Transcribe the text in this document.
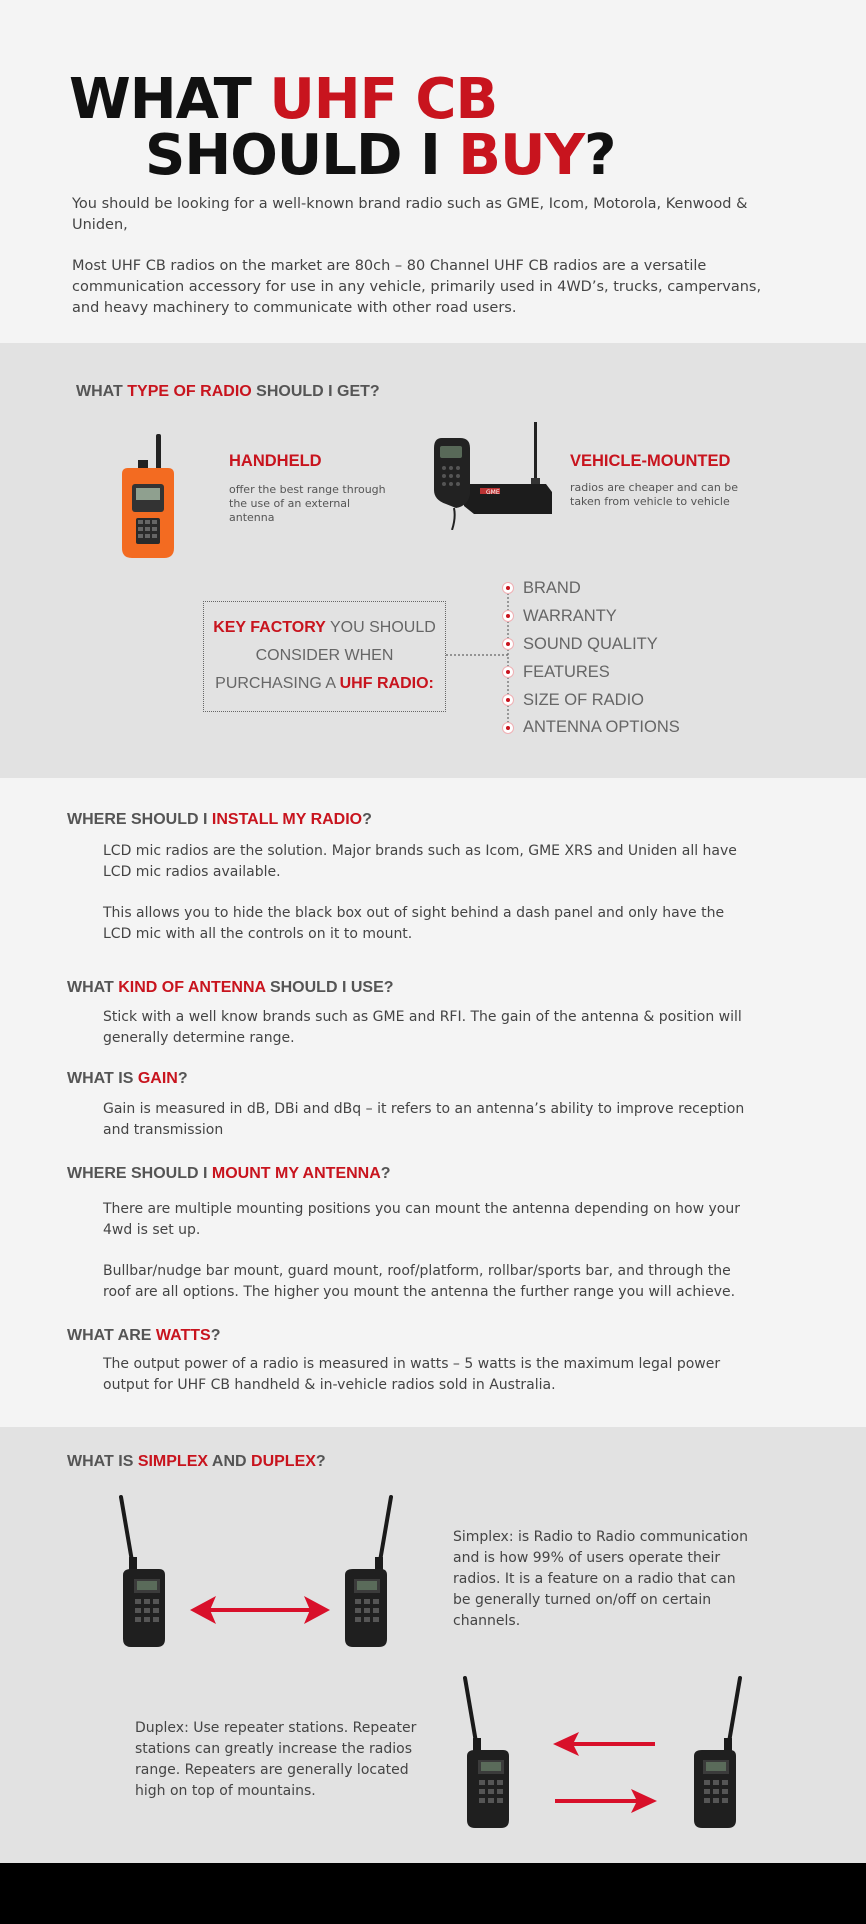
WHAT UHF CB
SHOULD I BUY?

You should be looking for a well-known brand radio such as GME, Icom, Motorola, Kenwood & Uniden,

Most UHF CB radios on the market are 80ch – 80 Channel UHF CB radios are a versatile communication accessory for use in any vehicle, primarily used in 4WD’s, trucks, campervans, and heavy machinery to communicate with other road users.

WHAT TYPE OF RADIO SHOULD I GET?
HANDHELD
offer the best range through the use of an external antenna
GME
VEHICLE-MOUNTED
radios are cheaper and can be taken from vehicle to vehicle
KEY FACTORY YOU SHOULD
CONSIDER WHEN
PURCHASING A UHF RADIO:
BRAND
WARRANTY
SOUND QUALITY
FEATURES
SIZE OF RADIO
ANTENNA OPTIONS
WHERE SHOULD I INSTALL MY RADIO?

LCD mic radios are the solution. Major brands such as Icom, GME XRS and Uniden all have LCD mic radios available.

This allows you to hide the black box out of sight behind a dash panel and only have the LCD mic with all the controls on it to mount.

WHAT KIND OF ANTENNA SHOULD I USE?

Stick with a well know brands such as GME and RFI. The gain of the antenna & position will generally determine range.

WHAT IS GAIN?

Gain is measured in dB, DBi and dBq – it refers to an antenna’s ability to improve reception and transmission

WHERE SHOULD I MOUNT MY ANTENNA?

There are multiple mounting positions you can mount the antenna depending on how your 4wd is set up.

Bullbar/nudge bar mount, guard mount, roof/platform, rollbar/sports bar, and through the roof are all options. The higher you mount the antenna the further range you will achieve.

WHAT ARE WATTS?

The output power of a radio is measured in watts – 5 watts is the maximum legal power output for UHF CB handheld & in-vehicle radios sold in Australia.

WHAT IS SIMPLEX AND DUPLEX?

Simplex: is Radio to Radio communication and is how 99% of users operate their radios. It is a feature on a radio that can be generally turned on/off on certain channels.

Duplex: Use repeater stations. Repeater stations can greatly increase the radios range. Repeaters are generally located high on top of mountains.
